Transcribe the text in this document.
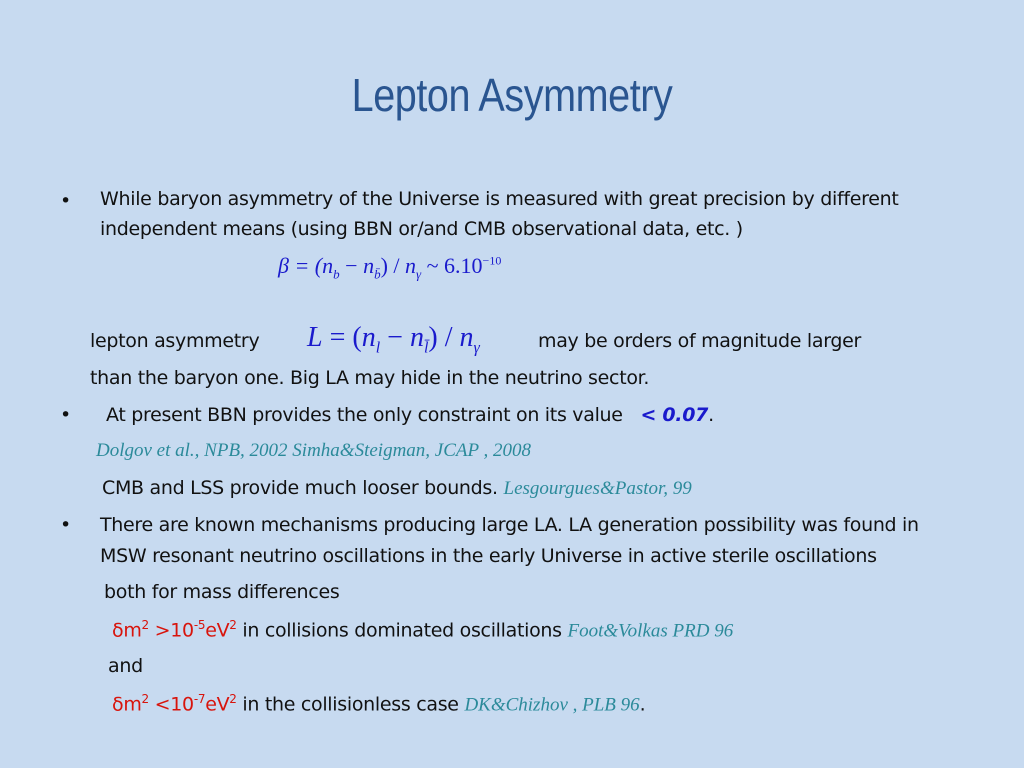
Lepton Asymmetry
• While baryon asymmetry of the Universe is measured with great precision by different
independent means (using BBN or/and CMB observational data, etc. )
$\beta = (n_b - n_{b̄}) / n_\gamma$ ~ $6.10^{-10}$
lepton asymmetry $L = (n_l - n_{l̄}) / n_\gamma$	may be orders of magnitude larger
than the baryon one. Big LA may hide in the neutrino sector.
• At present BBN provides the only constraint on its value < 0.07.
Dolgov et al., NPB, 2002 Simha&Steigman, JCAP , 2008
CMB and LSS provide much looser bounds. Lesgourgues&Pastor, 99
• There are known mechanisms producing large LA. LA generation possibility was found in
MSW resonant neutrino oscillations in the early Universe in active sterile oscillations
both for mass differences
$\delta m^2 >10^{-5}eV^2$ in collisions dominated oscillations Foot&Volkas PRD 96
and
$\delta m^2 <10^{-7}eV^2$ in the collisionless case DK&Chizhov , PLB 96.
